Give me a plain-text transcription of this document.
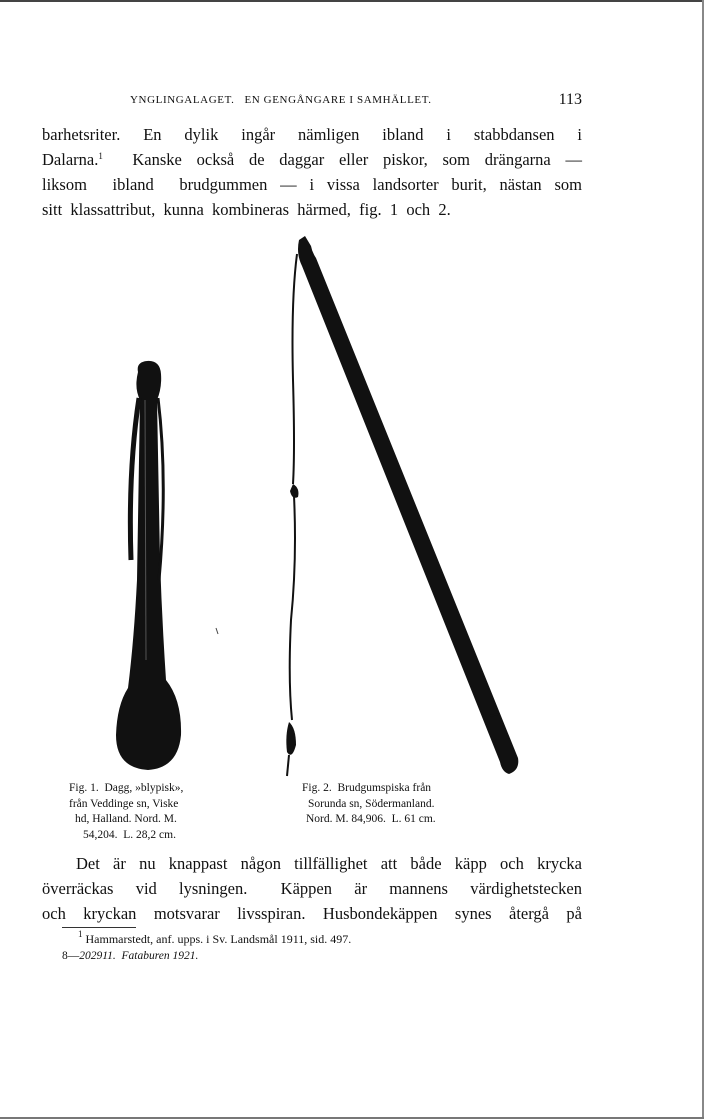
YNGLINGALAGET.   EN GENGÅNGARE I SAMHÄLLET.	113
barhetsriter.  En  dylik  ingår  nämligen  ibland  i  stabbdansen  i
Dalarna.$^1$ Kanske också de daggar eller piskor, som drängarna —
liksom  ibland  brudgummen — i vissa landsorter burit, nästan som
sitt  klassattribut,  kunna  kombineras  härmed,  fig.  1  och  2.
Fig. 1.  Dagg, »blypisk»,
från Veddinge sn, Viske
hd, Halland. Nord. M.
54,204.  L. 28,2 cm.
Fig. 2.  Brudgumspiska från
Sorunda sn, Södermanland.
Nord. M. 84,906.  L. 61 cm.
Det  är  nu  knappast  någon  tillfällighet  att  både  käpp  och  krycka
överräckas  vid  lysningen.   Käppen  är  mannens  värdighetstecken
och  kryckan  motsvarar  livsspiran.  Husbondekäppen  synes  återgå  på
$^1$ Hammarstedt, anf. upps. i Sv. Landsmål 1911, sid. 497.
8—202911. Fataburen 1921.
